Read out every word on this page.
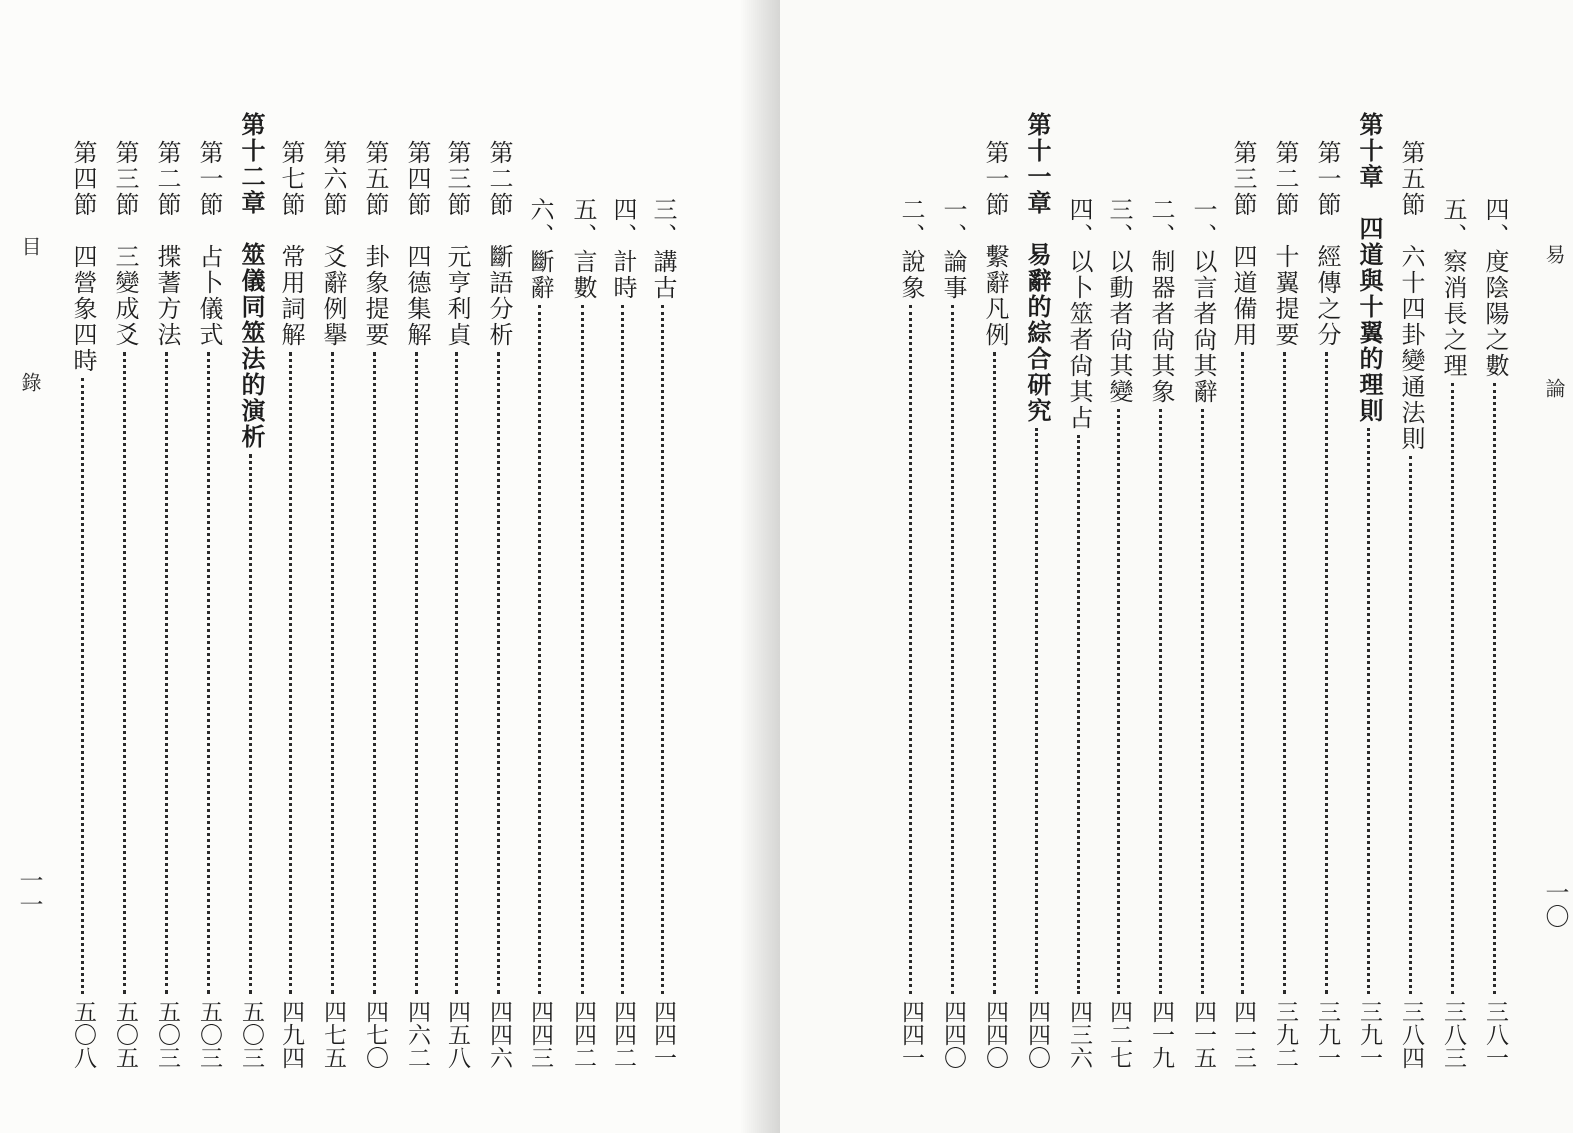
目
錄
一一
三、講古
四四一
四、計時
四四二
五、言數
四四二
六、斷辭
四四三
第二節　斷語分析
四四六
第三節　元亨利貞
四五八
第四節　四德集解
四六二
第五節　卦象提要
四七〇
第六節　爻辭例擧
四七五
第七節　常用詞解
四九四
第十二章　筮儀同筮法的演析
五〇三
第一節　占卜儀式
五〇三
第二節　揲蓍方法
五〇三
第三節　三變成爻
五〇五
第四節　四營象四時
五〇八
易
論
一〇
四、度陰陽之數
三八一
五、察消長之理
三八三
第五節　六十四卦變通法則
三八四
第十章　四道與十翼的理則
三九一
第一節　經傳之分
三九一
第二節　十翼提要
三九二
第三節　四道備用
四一三
一、以言者尙其辭
四一五
二、制器者尙其象
四一九
三、以動者尙其變
四二七
四、以卜筮者尙其占
四三六
第十一章　易辭的綜合研究
四四〇
第一節　繫辭凡例
四四〇
一、論事
四四〇
二、說象
四四一
